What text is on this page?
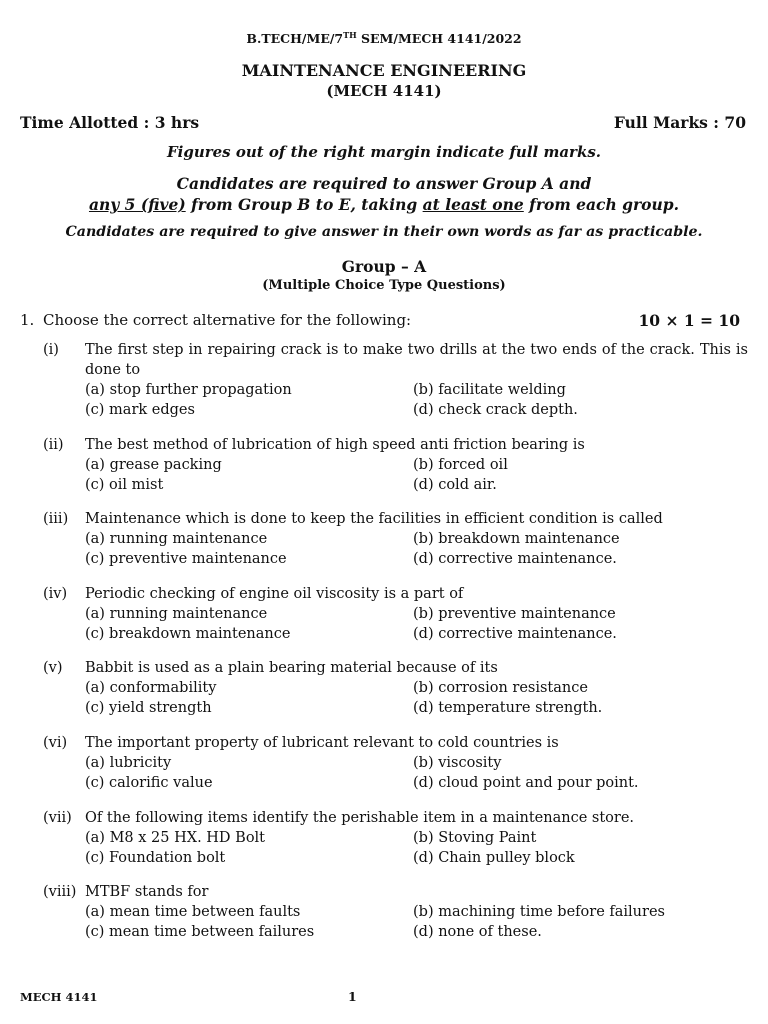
B.TECH/ME/7TH SEM/MECH 4141/2022
MAINTENANCE ENGINEERING
(MECH 4141)
Time Allotted : 3 hrs	Full Marks : 70
Figures out of the right margin indicate full marks.
Candidates are required to answer Group A and
any 5 (five) from Group B to E, taking at least one from each group.
Candidates are required to give answer in their own words as far as practicable.
Group – A
(Multiple Choice Type Questions)
1. Choose the correct alternative for the following:	10 × 1 = 10
(i) The first step in repairing crack is to make two drills at the two ends of the crack. This is done to
(a) stop further propagation	(b) facilitate welding
(c) mark edges	(d) check crack depth.
(ii) The best method of lubrication of high speed anti friction bearing is
(a) grease packing	(b) forced oil
(c) oil mist	(d) cold air.
(iii) Maintenance which is done to keep the facilities in efficient condition is called
(a) running maintenance	(b) breakdown maintenance
(c) preventive maintenance	(d) corrective maintenance.
(iv) Periodic checking of engine oil viscosity is a part of
(a) running maintenance	(b) preventive maintenance
(c) breakdown maintenance	(d) corrective maintenance.
(v) Babbit is used as a plain bearing material because of its
(a) conformability	(b) corrosion resistance
(c) yield strength	(d) temperature strength.
(vi) The important property of lubricant relevant to cold countries is
(a) lubricity	(b) viscosity
(c) calorific value	(d) cloud point and pour point.
(vii) Of the following items identify the perishable item in a maintenance store.
(a) M8 x 25 HX. HD Bolt	(b) Stoving Paint
(c) Foundation bolt	(d) Chain pulley block
(viii) MTBF stands for
(a) mean time between faults	(b) machining time before failures
(c) mean time between failures	(d) none of these.
MECH 4141	1
